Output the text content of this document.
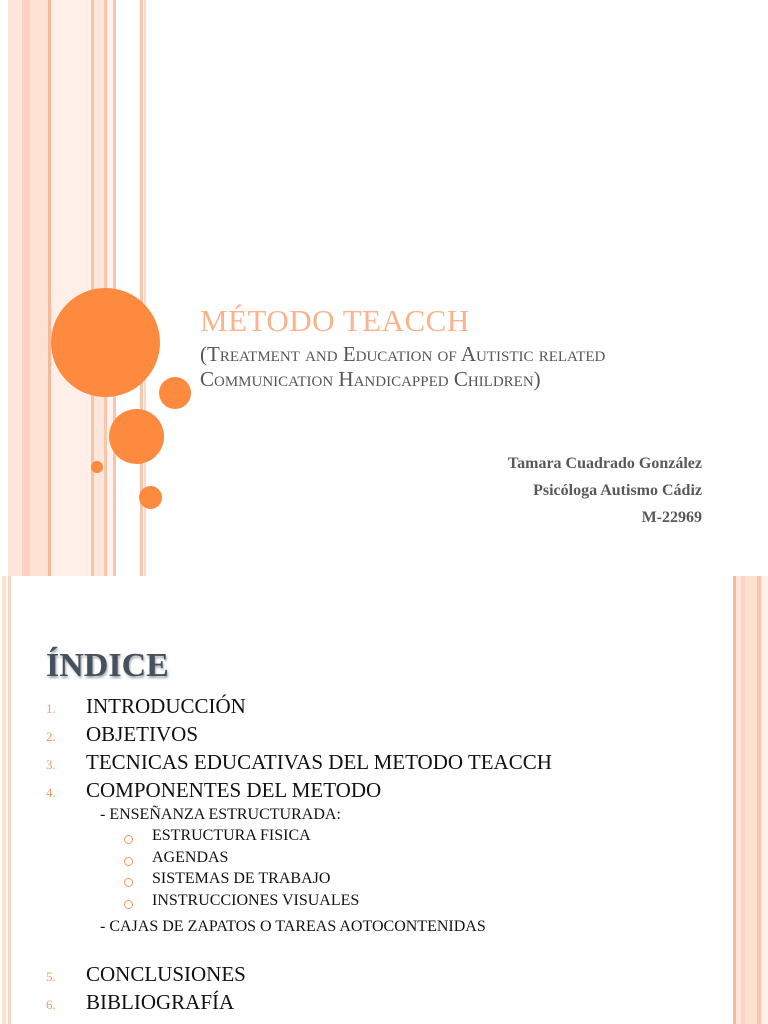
MÉTODO TEACCH

(Treatment and Education of Autistic related Communication Handicapped Children)

Tamara Cuadrado González

Psicóloga Autismo Cádiz

M-22969

ÍNDICE
1. INTRODUCCIÓN
2. OBJETIVOS
3. TECNICAS EDUCATIVAS DEL METODO TEACCH
4. COMPONENTES DEL METODO
- ENSEÑANZA ESTRUCTURADA:
ESTRUCTURA FISICA
AGENDAS
SISTEMAS DE TRABAJO
INSTRUCCIONES VISUALES
- CAJAS DE ZAPATOS O TAREAS AOTOCONTENIDAS
5. CONCLUSIONES
6. BIBLIOGRAFÍA
